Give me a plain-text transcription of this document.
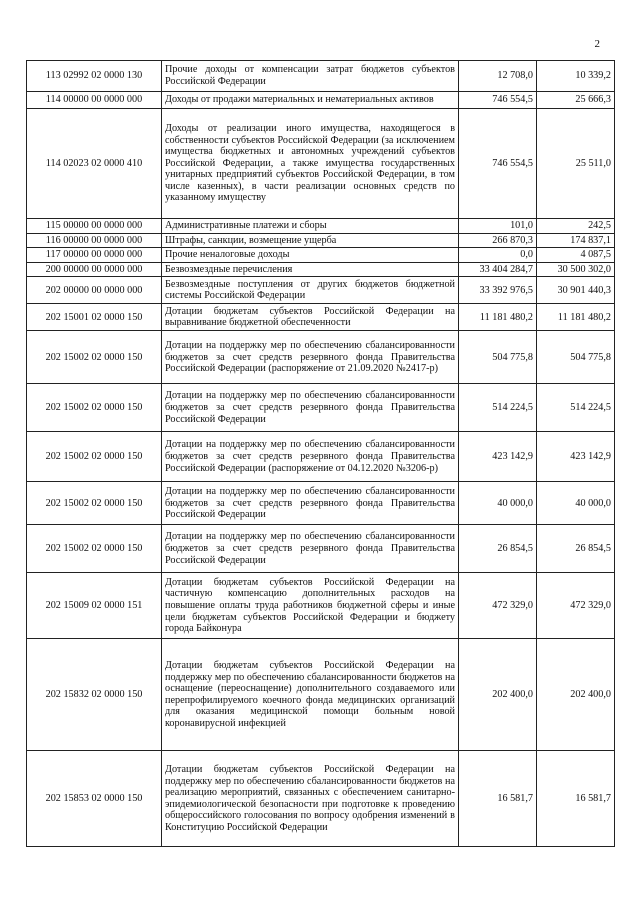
2
113 02992 02 0000 130	Прочие доходы от компенсации затрат бюджетов субъектов Российской Федерации	12 708,0	10 339,2
114 00000 00 0000 000	Доходы от продажи материальных и нематериальных активов	746 554,5	25 666,3
114 02023 02 0000 410	Доходы от реализации иного имущества, находящегося в собственности субъектов Российской Федерации (за исключением имущества бюджетных и автономных учреждений субъектов Российской Федерации, а также имущества государственных унитарных предприятий субъектов Российской Федерации, в том числе казенных), в части реализации основных средств по указанному имуществу	746 554,5	25 511,0
115 00000 00 0000 000	Административные платежи и сборы	101,0	242,5
116 00000 00 0000 000	Штрафы, санкции, возмещение ущерба	266 870,3	174 837,1
117 00000 00 0000 000	Прочие неналоговые доходы	0,0	4 087,5
200 00000 00 0000 000	Безвозмездные перечисления	33 404 284,7	30 500 302,0
202 00000 00 0000 000	Безвозмездные поступления от других бюджетов бюджетной системы Российской Федерации	33 392 976,5	30 901 440,3
202 15001 02 0000 150	Дотации бюджетам субъектов Российской Федерации на выравнивание бюджетной обеспеченности	11 181 480,2	11 181 480,2
202 15002 02 0000 150	Дотации на поддержку мер по обеспечению сбалансированности бюджетов за счет средств резервного фонда Правительства Российской Федерации (распоряжение от 21.09.2020 №2417-р)	504 775,8	504 775,8
202 15002 02 0000 150	Дотации на поддержку мер по обеспечению сбалансированности бюджетов за счет средств резервного фонда Правительства Российской Федерации	514 224,5	514 224,5
202 15002 02 0000 150	Дотации на поддержку мер по обеспечению сбалансированности бюджетов за счет средств резервного фонда Правительства Российской Федерации (распоряжение от 04.12.2020 №3206-р)	423 142,9	423 142,9
202 15002 02 0000 150	Дотации на поддержку мер по обеспечению сбалансированности бюджетов за счет средств резервного фонда Правительства Российской Федерации	40 000,0	40 000,0
202 15002 02 0000 150	Дотации на поддержку мер по обеспечению сбалансированности бюджетов за счет средств резервного фонда Правительства Российской Федерации	26 854,5	26 854,5
202 15009 02 0000 151	Дотации бюджетам субъектов Российской Федерации на частичную компенсацию дополнительных расходов на повышение оплаты труда работников бюджетной сферы и иные цели бюджетам субъектов Российской Федерации и бюджету города Байконура	472 329,0	472 329,0
202 15832 02 0000 150	Дотации бюджетам субъектов Российской Федерации на поддержку мер по обеспечению сбалансированности бюджетов на оснащение (переоснащение) дополнительного создаваемого или перепрофилируемого коечного фонда медицинских организаций для оказания медицинской помощи больным новой коронавирусной инфекцией	202 400,0	202 400,0
202 15853 02 0000 150	Дотации бюджетам субъектов Российской Федерации на поддержку мер по обеспечению сбалансированности бюджетов на реализацию мероприятий, связанных с обеспечением санитарно-эпидемиологической безопасности при подготовке к проведению общероссийского голосования по вопросу одобрения изменений в Конституцию Российской Федерации	16 581,7	16 581,7
